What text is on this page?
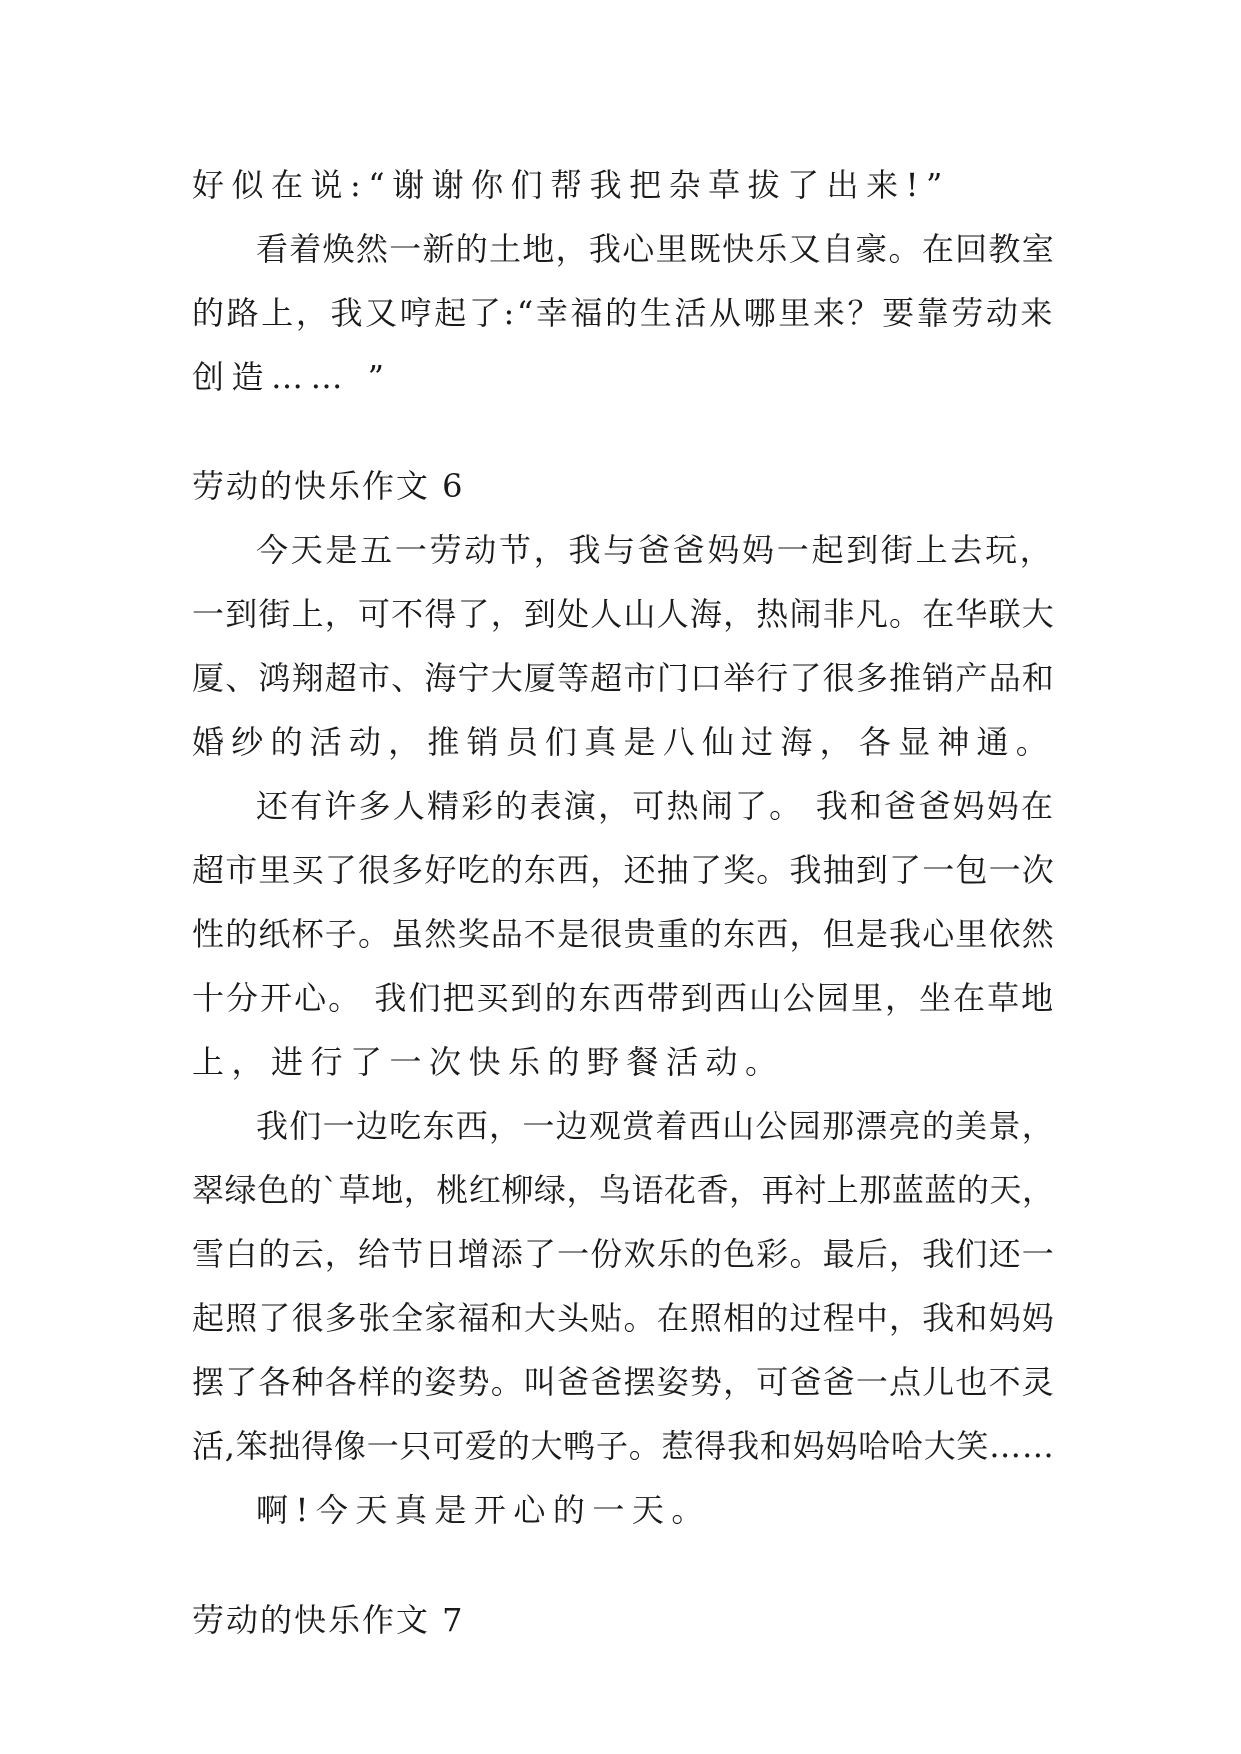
好似在说:“谢谢你们帮我把杂草拔了出来!”
看着焕然一新的土地，我心里既快乐又自豪。在回教室
的路上，我又哼起了:“幸福的生活从哪里来？要靠劳动来
创造…… ”
劳动的快乐作文 6
今天是五一劳动节，我与爸爸妈妈一起到街上去玩，
一到街上，可不得了，到处人山人海，热闹非凡。在华联大
厦、鸿翔超市、海宁大厦等超市门口举行了很多推销产品和
婚纱的活动，推销员们真是八仙过海，各显神通。
还有许多人精彩的表演，可热闹了。 我和爸爸妈妈在
超市里买了很多好吃的东西，还抽了奖。我抽到了一包一次
性的纸杯子。虽然奖品不是很贵重的东西，但是我心里依然
十分开心。 我们把买到的东西带到西山公园里，坐在草地
上，进行了一次快乐的野餐活动。
我们一边吃东西，一边观赏着西山公园那漂亮的美景，
翠绿色的`草地，桃红柳绿，鸟语花香，再衬上那蓝蓝的天，
雪白的云，给节日增添了一份欢乐的色彩。最后，我们还一
起照了很多张全家福和大头贴。在照相的过程中，我和妈妈
摆了各种各样的姿势。叫爸爸摆姿势，可爸爸一点儿也不灵
活,笨拙得像一只可爱的大鸭子。惹得我和妈妈哈哈大笑……
啊!今天真是开心的一天。
劳动的快乐作文 7
